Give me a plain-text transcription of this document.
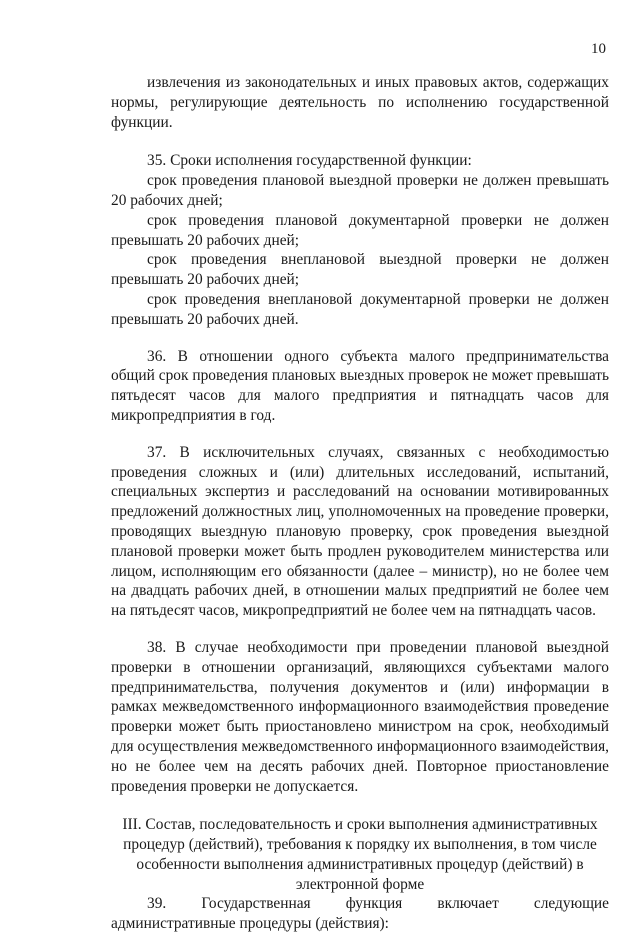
10

извлечения из законодательных и иных правовых актов, содержащих нормы, регулирующие деятельность по исполнению государственной функции.

35. Сроки исполнения государственной функции:

срок проведения плановой выездной проверки не должен превышать 20 рабочих дней;

срок проведения плановой документарной проверки не должен превышать 20 рабочих дней;

срок проведения внеплановой выездной проверки не должен превышать 20 рабочих дней;

срок проведения внеплановой документарной проверки не должен превышать 20 рабочих дней.

36. В отношении одного субъекта малого предпринимательства общий срок проведения плановых выездных проверок не может превышать пятьдесят часов для малого предприятия и пятнадцать часов для микропредприятия в год.

37. В исключительных случаях, связанных с необходимостью проведения сложных и (или) длительных исследований, испытаний, специальных экспертиз и расследований на основании мотивированных предложений должностных лиц, уполномоченных на проведение проверки, проводящих выездную плановую проверку, срок проведения выездной плановой проверки может быть продлен руководителем министерства или лицом, исполняющим его обязанности (далее – министр), но не более чем на двадцать рабочих дней, в отношении малых предприятий не более чем на пятьдесят часов, микропредприятий не более чем на пятнадцать часов.

38. В случае необходимости при проведении плановой выездной проверки в отношении организаций, являющихся субъектами малого предпринимательства, получения документов и (или) информации в рамках межведомственного информационного взаимодействия проведение проверки может быть приостановлено министром на срок, необходимый для осуществления межведомственного информационного взаимодействия, но не более чем на десять рабочих дней. Повторное приостановление проведения проверки не допускается.

III. Состав, последовательность и сроки выполнения административных
процедур (действий), требования к порядку их выполнения, в том числе
особенности выполнения административных процедур (действий) в
электронной форме

39. Государственная функция включает следующие административные процедуры (действия):
